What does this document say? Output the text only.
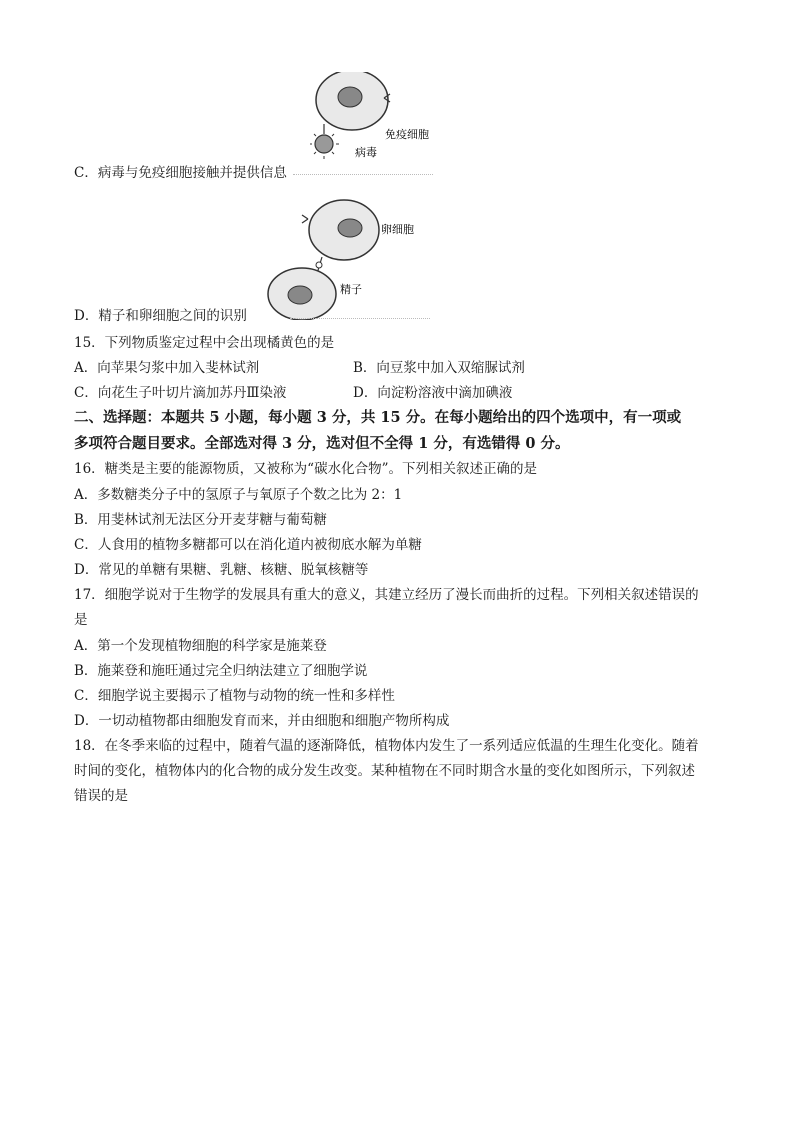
免疫细胞
病毒
C．病毒与免疫细胞接触并提供信息
卵细胞
精子
D．精子和卵细胞之间的识别
15．下列物质鉴定过程中会出现橘黄色的是
A．向苹果匀浆中加入斐林试剂	B．向豆浆中加入双缩脲试剂
C．向花生子叶切片滴加苏丹Ⅲ染液	D．向淀粉溶液中滴加碘液
二、选择题：本题共 5 小题，每小题 3 分，共 15 分。在每小题给出的四个选项中，有一项或
多项符合题目要求。全部选对得 3 分，选对但不全得 1 分，有选错得 0 分。
16．糖类是主要的能源物质，又被称为“碳水化合物”。下列相关叙述正确的是
A．多数糖类分子中的氢原子与氧原子个数之比为 2：1
B．用斐林试剂无法区分开麦芽糖与葡萄糖
C．人食用的植物多糖都可以在消化道内被彻底水解为单糖
D．常见的单糖有果糖、乳糖、核糖、脱氧核糖等
17．细胞学说对于生物学的发展具有重大的意义，其建立经历了漫长而曲折的过程。下列相关叙述错误的
是
A．第一个发现植物细胞的科学家是施莱登
B．施莱登和施旺通过完全归纳法建立了细胞学说
C．细胞学说主要揭示了植物与动物的统一性和多样性
D．一切动植物都由细胞发育而来，并由细胞和细胞产物所构成
18．在冬季来临的过程中，随着气温的逐渐降低，植物体内发生了一系列适应低温的生理生化变化。随着
时间的变化，植物体内的化合物的成分发生改变。某种植物在不同时期含水量的变化如图所示，下列叙述
错误的是
